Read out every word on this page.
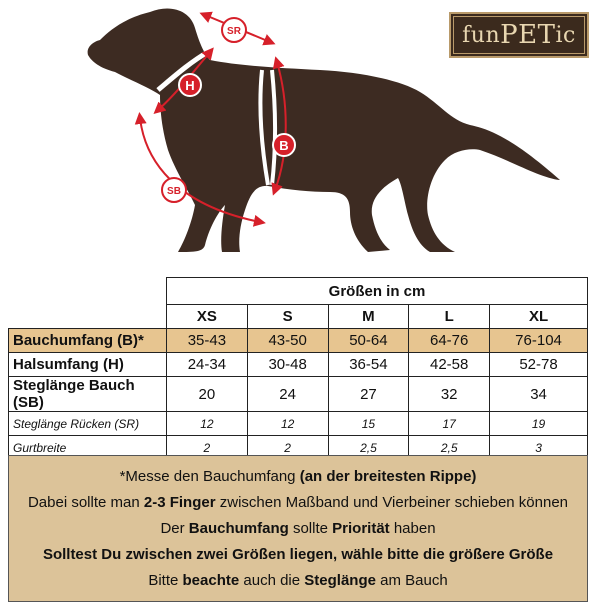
SR
H
B
SB
fun PET ic
	Größen in cm				
	XS	S	M	L	XL
Bauchumfang (B)*	35-43	43-50	50-64	64-76	76-104
Halsumfang (H)	24-34	30-48	36-54	42-58	52-78
Steglänge Bauch (SB)	20	24	27	32	34
Steglänge Rücken (SR)	12	12	15	17	19
Gurtbreite	2	2	2,5	2,5	3

*Messe den Bauchumfang (an der breitesten Rippe)

Dabei sollte man 2-3 Finger zwischen Maßband und Vierbeiner schieben können

Der Bauchumfang sollte Priorität haben

Solltest Du zwischen zwei Größen liegen, wähle bitte die größere Größe

Bitte beachte auch die Steglänge am Bauch
